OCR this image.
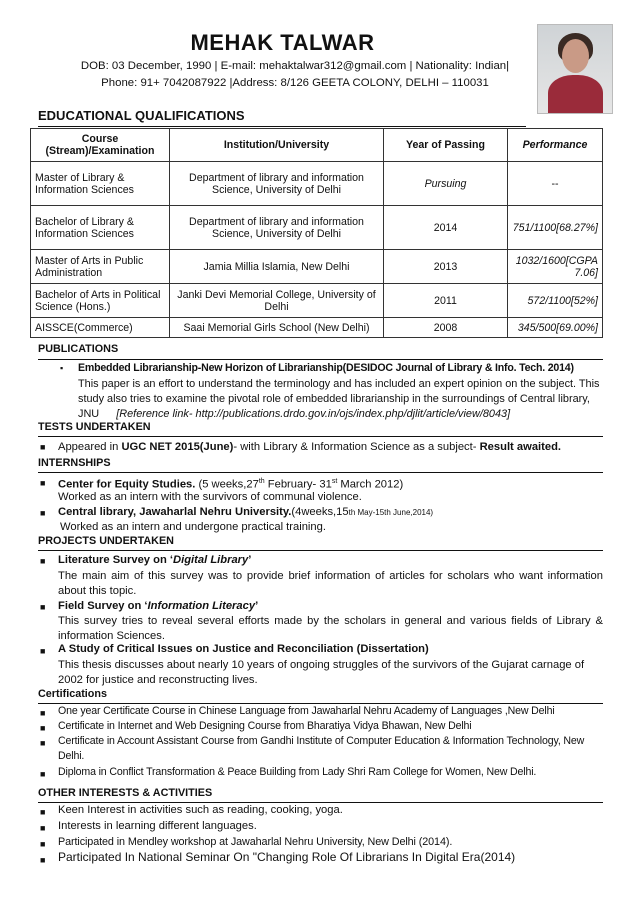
MEHAK TALWAR
DOB: 03 December, 1990 | E-mail: mehaktalwar312@gmail.com | Nationality: Indian|
Phone: 91+ 7042087922 |Address: 8/126 GEETA COLONY, DELHI – 110031
EDUCATIONAL QUALIFICATIONS
Course (Stream)/Examination	Institution/University	Year of Passing	Performance
Master of Library & Information Sciences	Department of library and information Science, University of Delhi	Pursuing	--
Bachelor of Library & Information Sciences	Department of library and information Science, University of Delhi	2014	751/1100[68.27%]
Master of Arts in Public Administration	Jamia Millia Islamia, New Delhi	2013	1032/1600[CGPA 7.06]
Bachelor of Arts in Political Science (Hons.)	Janki Devi Memorial College, University of Delhi	2011	572/1100[52%]
AISSCE(Commerce)	Saai Memorial Girls School (New Delhi)	2008	345/500[69.00%]
PUBLICATIONS
▪ Embedded Librarianship-New Horizon of Librarianship(DESIDOC Journal of Library & Info. Tech. 2014)
This paper is an effort to understand the terminology and has included an expert opinion on the subject. This study also tries to examine the pivotal role of embedded librarianship in the surroundings of Central library, JNU [Reference link- http://publications.drdo.gov.in/ojs/index.php/djlit/article/view/8043]
TESTS UNDERTAKEN
■ Appeared in UGC NET 2015(June)- with Library & Information Science as a subject- Result awaited.
INTERNSHIPS
■ Center for Equity Studies. (5 weeks,27th February- 31st March 2012)
Worked as an intern with the survivors of communal violence.
■ Central library, Jawaharlal Nehru University.(4weeks,15th May-15th June,2014)
Worked as an intern and undergone practical training.
PROJECTS UNDERTAKEN
■ Literature Survey on ‘Digital Library’
The main aim of this survey was to provide brief information of articles for scholars who want information about this topic.
■ Field Survey on ‘Information Literacy’
This survey tries to reveal several efforts made by the scholars in general and various fields of Library & information Sciences.
■ A Study of Critical Issues on Justice and Reconciliation (Dissertation)
This thesis discusses about nearly 10 years of ongoing struggles of the survivors of the Gujarat carnage of 2002 for justice and reconstructing lives.
Certifications
■ One year Certificate Course in Chinese Language from Jawaharlal Nehru Academy of Languages ,New Delhi
■ Certificate in Internet and Web Designing Course from Bharatiya Vidya Bhawan, New Delhi
■ Certificate in Account Assistant Course from Gandhi Institute of Computer Education & Information Technology, New Delhi.
■ Diploma in Conflict Transformation & Peace Building from Lady Shri Ram College for Women, New Delhi.
OTHER INTERESTS & ACTIVITIES
■ Keen Interest in activities such as reading, cooking, yoga.
■ Interests in learning different languages.
■ Participated in Mendley workshop at Jawaharlal Nehru University, New Delhi (2014).
■ Participated In National Seminar On "Changing Role Of Librarians In Digital Era(2014)
